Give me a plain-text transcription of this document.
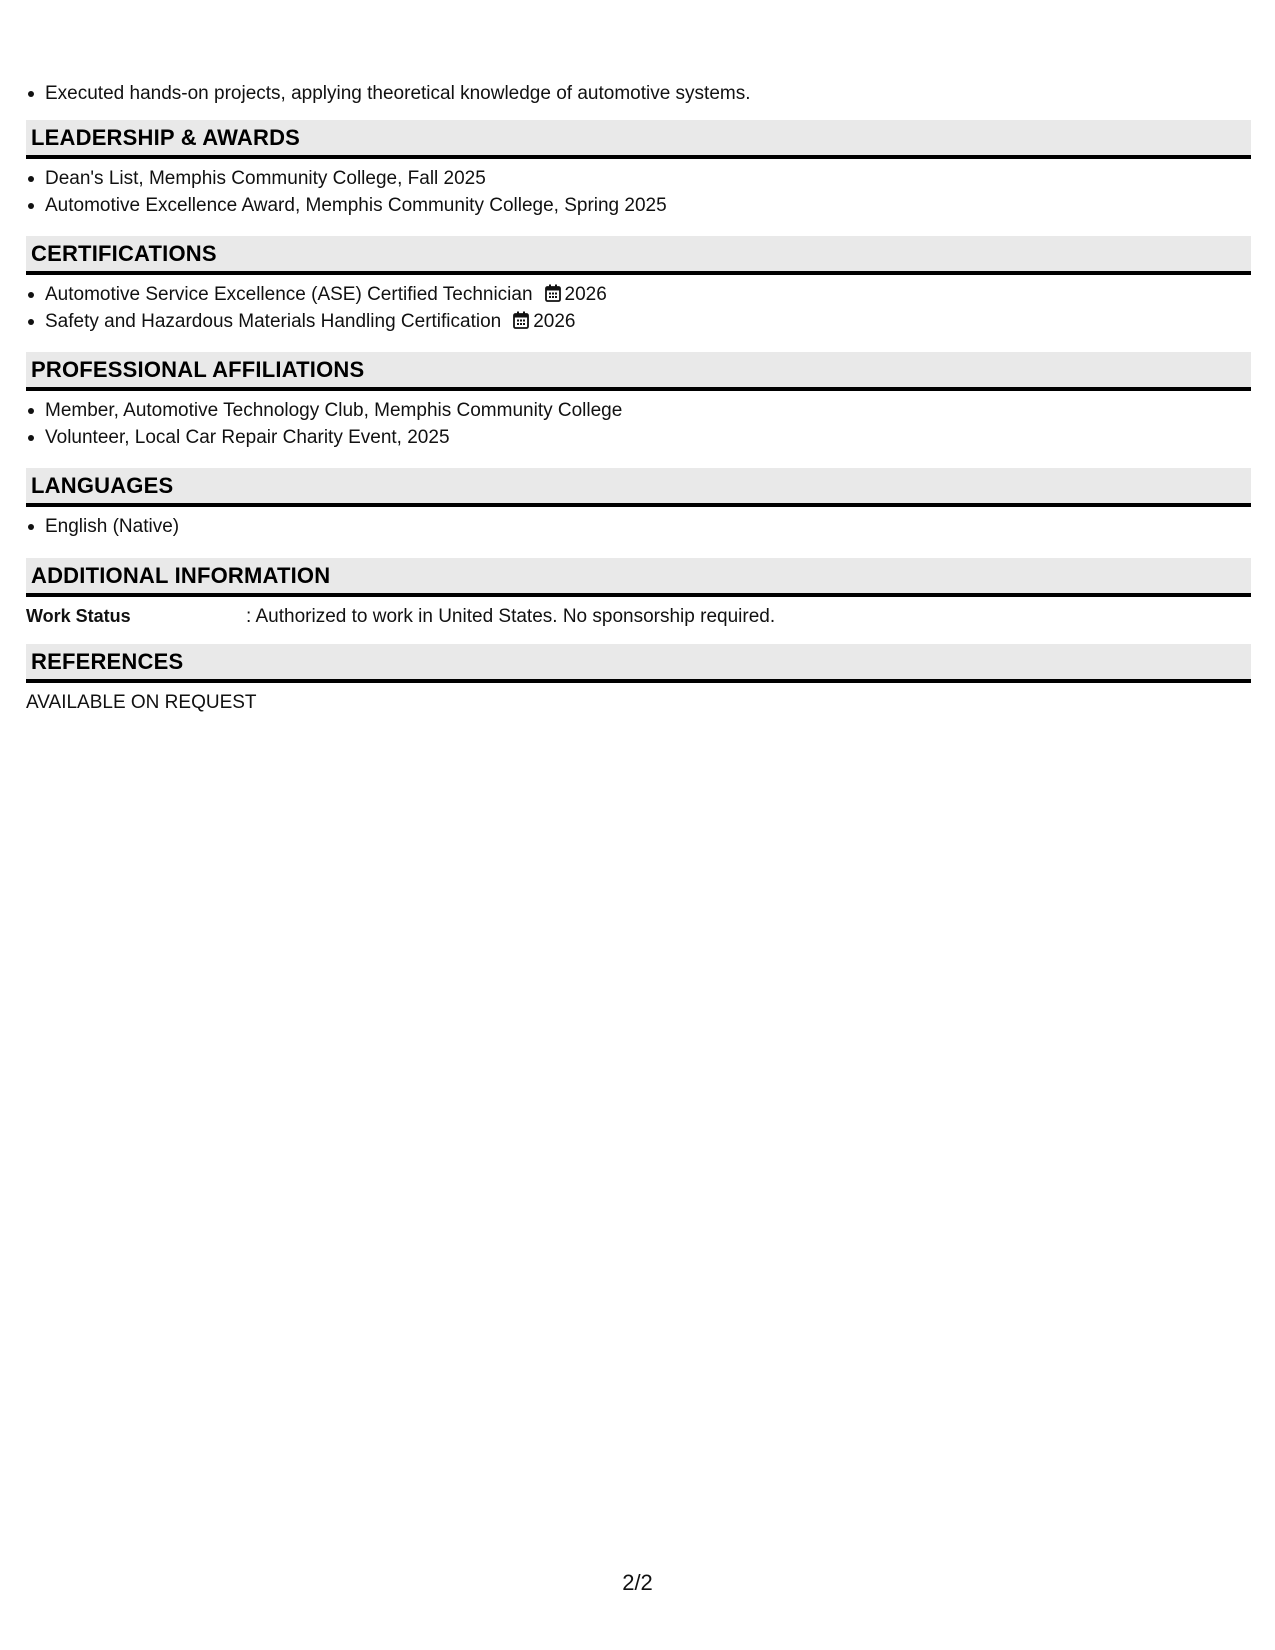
Executed hands-on projects, applying theoretical knowledge of automotive systems.
LEADERSHIP & AWARDS
Dean's List, Memphis Community College, Fall 2025
Automotive Excellence Award, Memphis Community College, Spring 2025
CERTIFICATIONS
Automotive Service Excellence (ASE) Certified Technician 2026
Safety and Hazardous Materials Handling Certification 2026
PROFESSIONAL AFFILIATIONS
Member, Automotive Technology Club, Memphis Community College
Volunteer, Local Car Repair Charity Event, 2025
LANGUAGES
English (Native)
ADDITIONAL INFORMATION
Work Status	: Authorized to work in United States. No sponsorship required.
REFERENCES
AVAILABLE ON REQUEST
2/2
